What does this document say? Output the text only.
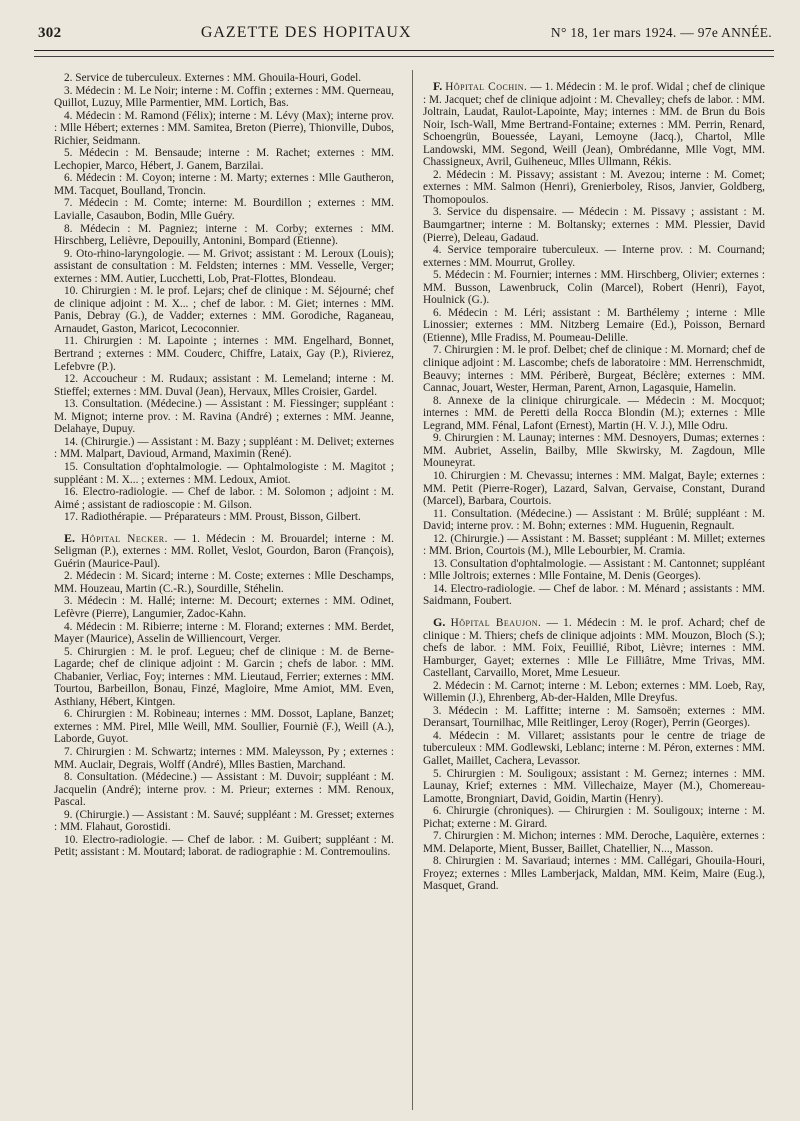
302	GAZETTE DES HOPITAUX	N° 18, 1er mars 1924. — 97e ANNÉE.

2. Service de tuberculeux. Externes : MM. Ghouila-Houri, Godel.

3. Médecin : M. Le Noir; interne : M. Coffin ; externes : MM. Querneau, Quillot, Luzuy, Mlle Parmentier, MM. Lortich, Bas.

4. Médecin : M. Ramond (Félix); interne : M. Lévy (Max); interne prov. : Mlle Hébert; externes : MM. Samitea, Breton (Pierre), Thionville, Dubos, Richier, Seidmann.

5. Médecin : M. Bensaude; interne : M. Rachet; externes : MM. Lechopier, Marco, Hébert, J. Ganem, Barzilai.

6. Médecin : M. Coyon; interne : M. Marty; externes : Mlle Gautheron, MM. Tacquet, Boulland, Troncin.

7. Médecin : M. Comte; interne: M. Bourdillon ; externes : MM. Lavialle, Casaubon, Bodin, Mlle Guéry.

8. Médecin : M. Pagniez; interne : M. Corby; externes : MM. Hirschberg, Lelièvre, Depouilly, Antonini, Bompard (Etienne).

9. Oto-rhino-laryngologie. — M. Grivot; assistant : M. Leroux (Louis); assistant de consultation : M. Feldsten; internes : MM. Vesselle, Verger; externes : MM. Autier, Lucchetti, Lob, Prat-Flottes, Blondeau.

10. Chirurgien : M. le prof. Lejars; chef de clinique : M. Séjourné; chef de clinique adjoint : M. X... ; chef de labor. : M. Giet; internes : MM. Panis, Debray (G.), de Vadder; externes : MM. Gorodiche, Raganeau, Arnaudet, Gaston, Maricot, Lecoconnier.

11. Chirurgien : M. Lapointe ; internes : MM. Engelhard, Bonnet, Bertrand ; externes : MM. Couderc, Chiffre, Lataix, Gay (P.), Rivierez, Lefebvre (P.).

12. Accoucheur : M. Rudaux; assistant : M. Lemeland; interne : M. Stieffel; externes : MM. Duval (Jean), Hervaux, Mlles Croisier, Gardel.

13. Consultation. (Médecine.) — Assistant : M. Fiessinger; suppléant : M. Mignot; interne prov. : M. Ravina (André) ; externes : MM. Jeanne, Delahaye, Dupuy.

14. (Chirurgie.) — Assistant : M. Bazy ; suppléant : M. Delivet; externes : MM. Malpart, Davioud, Armand, Maximin (René).

15. Consultation d'ophtalmologie. — Ophtalmologiste : M. Magitot ; suppléant : M. X... ; externes : MM. Ledoux, Amiot.

16. Electro-radiologie. — Chef de labor. : M. Solomon ; adjoint : M. Aimé ; assistant de radioscopie : M. Gilson.

17. Radiothérapie. — Préparateurs : MM. Proust, Bisson, Gilbert.

E. Hôpital Necker. — 1. Médecin : M. Brouardel; interne : M. Seligman (P.), externes : MM. Rollet, Veslot, Gourdon, Baron (François), Guérin (Maurice-Paul).

2. Médecin : M. Sicard; interne : M. Coste; externes : Mlle Deschamps, MM. Houzeau, Martin (C.-R.), Sourdille, Stéhelin.

3. Médecin : M. Hallé; interne: M. Decourt; externes : MM. Odinet, Lefèvre (Pierre), Langumier, Zadoc-Kahn.

4. Médecin : M. Ribierre; interne : M. Florand; externes : MM. Berdet, Mayer (Maurice), Asselin de Williencourt, Verger.

5. Chirurgien : M. le prof. Legueu; chef de clinique : M. de Berne-Lagarde; chef de clinique adjoint : M. Garcin ; chefs de labor. : MM. Chabanier, Verliac, Foy; internes : MM. Lieutaud, Ferrier; externes : MM. Tourtou, Barbeillon, Bonau, Finzé, Magloire, Mme Amiot, MM. Even, Asthiany, Hébert, Kintgen.

6. Chirurgien : M. Robineau; internes : MM. Dossot, Laplane, Banzet; externes : MM. Pirel, Mlle Weill, MM. Soullier, Fourniè (F.), Weill (A.), Laborde, Guyot.

7. Chirurgien : M. Schwartz; internes : MM. Maleysson, Py ; externes : MM. Auclair, Degrais, Wolff (André), Mlles Bastien, Marchand.

8. Consultation. (Médecine.) — Assistant : M. Duvoir; suppléant : M. Jacquelin (André); interne prov. : M. Prieur; externes : MM. Renoux, Pascal.

9. (Chirurgie.) — Assistant : M. Sauvé; suppléant : M. Gresset; externes : MM. Flahaut, Gorostidi.

10. Electro-radiologie. — Chef de labor. : M. Guibert; suppléant : M. Petit; assistant : M. Moutard; laborat. de radiographie : M. Contremoulins.

F. Hôpital Cochin. — 1. Médecin : M. le prof. Widal ; chef de clinique : M. Jacquet; chef de clinique adjoint : M. Chevalley; chefs de labor. : MM. Joltrain, Laudat, Raulot-Lapointe, May; internes : MM. de Brun du Bois Noir, Isch-Wall, Mme Bertrand-Fontaine; externes : MM. Perrin, Renard, Schoengrün, Bouessée, Layani, Lemoyne (Jacq.), Chartol, Mlle Landowski, MM. Segond, Weill (Jean), Ombrédanne, Mlle Vogt, MM. Chassigneux, Avril, Guiheneuc, Mlles Ullmann, Rékis.

2. Médecin : M. Pissavy; assistant : M. Avezou; interne : M. Comet; externes : MM. Salmon (Henri), Grenierboley, Risos, Janvier, Goldberg, Thomopoulos.

3. Service du dispensaire. — Médecin : M. Pissavy ; assistant : M. Baumgartner; interne : M. Boltansky; externes : MM. Plessier, David (Pierre), Deleau, Gadaud.

4. Service temporaire tuberculeux. — Interne prov. : M. Cournand; externes : MM. Mourrut, Grolley.

5. Médecin : M. Fournier; internes : MM. Hirschberg, Olivier; externes : MM. Busson, Lawenbruck, Colin (Marcel), Robert (Henri), Fayot, Houlnick (G.).

6. Médecin : M. Léri; assistant : M. Barthélemy ; interne : Mlle Linossier; externes : MM. Nitzberg Lemaire (Ed.), Poisson, Bernard (Etienne), Mlle Fradiss, M. Poumeau-Delille.

7. Chirurgien : M. le prof. Delbet; chef de clinique : M. Mornard; chef de clinique adjoint : M. Lascombe; chefs de laboratoire : MM. Herrenschmidt, Beauvy; internes : MM. Périberè, Burgeat, Béclère; externes : MM. Cannac, Jouart, Wester, Herman, Parent, Arnon, Lagasquie, Hamelin.

8. Annexe de la clinique chirurgicale. — Médecin : M. Mocquot; internes : MM. de Peretti della Rocca Blondin (M.); externes : Mlle Legrand, MM. Fénal, Lafont (Ernest), Martin (H. V. J.), Mlle Odru.

9. Chirurgien : M. Launay; internes : MM. Desnoyers, Dumas; externes : MM. Aubriet, Asselin, Bailby, Mlle Skwirsky, M. Zagdoun, Mlle Mouneyrat.

10. Chirurgien : M. Chevassu; internes : MM. Malgat, Bayle; externes : MM. Petit (Pierre-Roger), Lazard, Salvan, Gervaise, Constant, Durand (Marcel), Barbara, Courtois.

11. Consultation. (Médecine.) — Assistant : M. Brûlé; suppléant : M. David; interne prov. : M. Bohn; externes : MM. Huguenin, Regnault.

12. (Chirurgie.) — Assistant : M. Basset; suppléant : M. Millet; externes : MM. Brion, Courtois (M.), Mlle Lebourbier, M. Cramia.

13. Consultation d'ophtalmologie. — Assistant : M. Cantonnet; suppléant : Mlle Joltrois; externes : Mlle Fontaine, M. Denis (Georges).

14. Electro-radiologie. — Chef de labor. : M. Ménard ; assistants : MM. Saidmann, Foubert.

G. Hôpital Beaujon. — 1. Médecin : M. le prof. Achard; chef de clinique : M. Thiers; chefs de clinique adjoints : MM. Mouzon, Bloch (S.); chefs de labor. : MM. Foix, Feuillié, Ribot, Lièvre; internes : MM. Hamburger, Gayet; externes : Mlle Le Filliâtre, Mme Trivas, MM. Castellant, Carvaillo, Moret, Mme Lesueur.

2. Médecin : M. Carnot; interne : M. Lebon; externes : MM. Loeb, Ray, Willemin (J.), Ehrenberg, Ab-der-Halden, Mlle Dreyfus.

3. Médecin : M. Laffitte; interne : M. Samsoën; externes : MM. Deransart, Tournilhac, Mlle Reitlinger, Leroy (Roger), Perrin (Georges).

4. Médecin : M. Villaret; assistants pour le centre de triage de tuberculeux : MM. Godlewski, Leblanc; interne : M. Péron, externes : MM. Gallet, Maillet, Cachera, Levassor.

5. Chirurgien : M. Souligoux; assistant : M. Gernez; internes : MM. Launay, Krief; externes : MM. Villechaize, Mayer (M.), Chomereau-Lamotte, Brongniart, David, Goidin, Martin (Henry).

6. Chirurgie (chroniques). — Chirurgien : M. Souligoux; interne : M. Pichat; externe : M. Girard.

7. Chirurgien : M. Michon; internes : MM. Deroche, Laquière, externes : MM. Delaporte, Mient, Busser, Baillet, Chatellier, N..., Masson.

8. Chirurgien : M. Savariaud; internes : MM. Callégari, Ghouila-Houri, Froyez; externes : Mlles Lamberjack, Maldan, MM. Keim, Maire (Eug.), Masquet, Grand.
